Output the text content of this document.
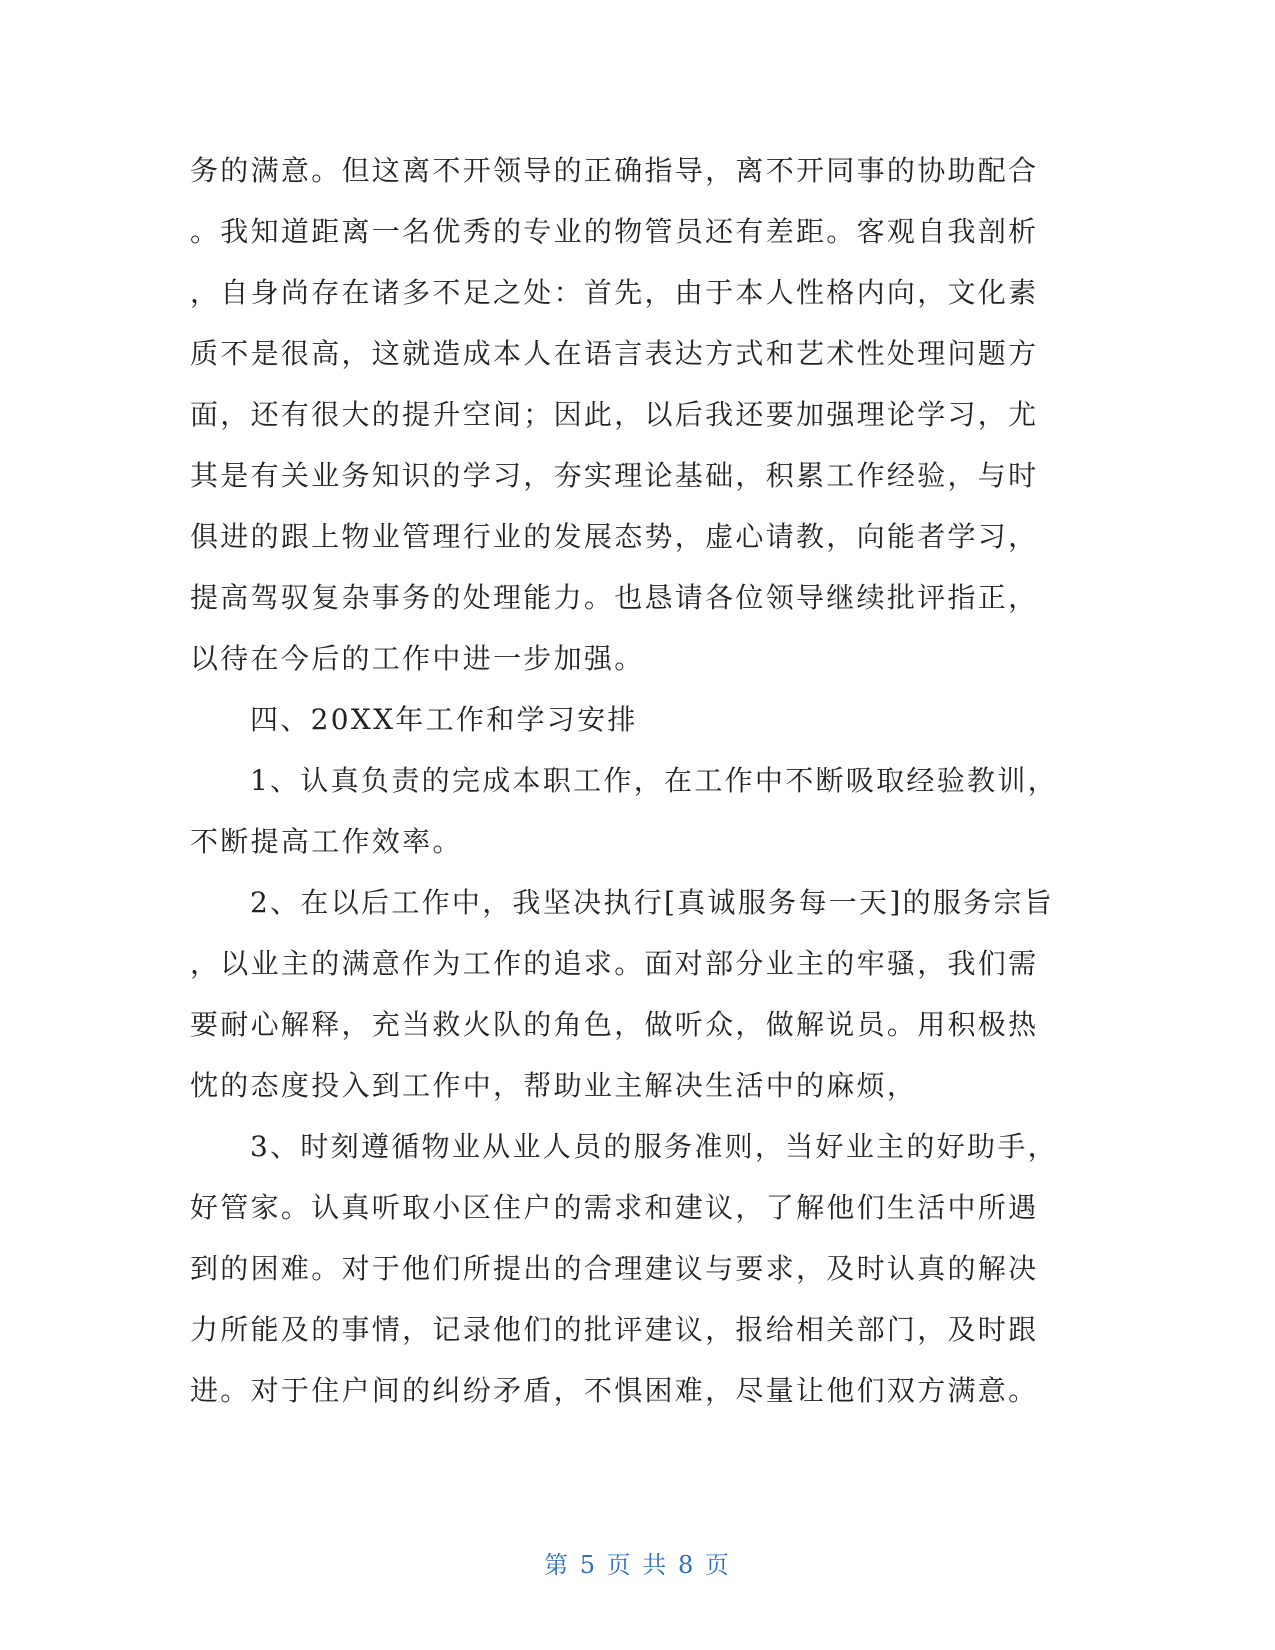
务的满意。但这离不开领导的正确指导，离不开同事的协助配合
。我知道距离一名优秀的专业的物管员还有差距。客观自我剖析
，自身尚存在诸多不足之处：首先，由于本人性格内向，文化素
质不是很高，这就造成本人在语言表达方式和艺术性处理问题方
面，还有很大的提升空间；因此，以后我还要加强理论学习，尤
其是有关业务知识的学习，夯实理论基础，积累工作经验，与时
俱进的跟上物业管理行业的发展态势，虚心请教，向能者学习，
提高驾驭复杂事务的处理能力。也恳请各位领导继续批评指正，
以待在今后的工作中进一步加强。
四、20XX年工作和学习安排
1、认真负责的完成本职工作，在工作中不断吸取经验教训，
不断提高工作效率。
2、在以后工作中，我坚决执行[真诚服务每一天]的服务宗旨
，以业主的满意作为工作的追求。面对部分业主的牢骚，我们需
要耐心解释，充当救火队的角色，做听众，做解说员。用积极热
忱的态度投入到工作中，帮助业主解决生活中的麻烦，
3、时刻遵循物业从业人员的服务准则，当好业主的好助手，
好管家。认真听取小区住户的需求和建议，了解他们生活中所遇
到的困难。对于他们所提出的合理建议与要求，及时认真的解决
力所能及的事情，记录他们的批评建议，报给相关部门，及时跟
进。对于住户间的纠纷矛盾，不惧困难，尽量让他们双方满意。
第 5 页 共 8 页
